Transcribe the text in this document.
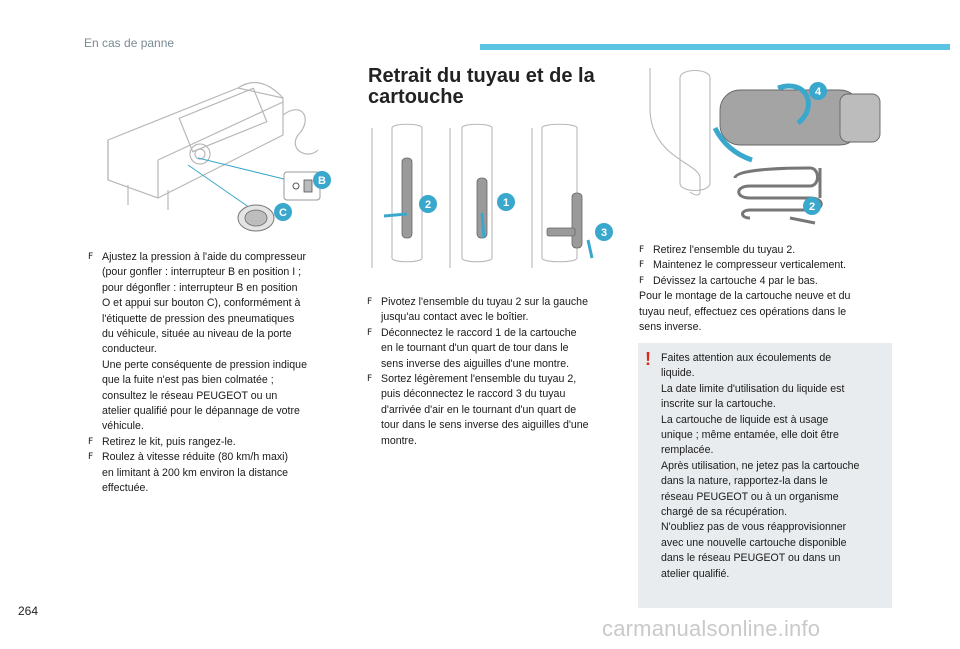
En cas de panne
B
C
F Ajustez la pression à l'aide du compresseur
(pour gonfler : interrupteur B en position I ;
pour dégonfler : interrupteur B en position
O et appui sur bouton C), conformément à
l'étiquette de pression des pneumatiques
du véhicule, située au niveau de la porte
conducteur.
Une perte conséquente de pression indique
que la fuite n'est pas bien colmatée ;
consultez le réseau PEUGEOT ou un
atelier qualifié pour le dépannage de votre
véhicule.
F Retirez le kit, puis rangez-le.
F Roulez à vitesse réduite (80 km/h maxi)
en limitant à 200 km environ la distance
effectuée.
Retrait du tuyau et de la
cartouche
2	1
3
F Pivotez l'ensemble du tuyau 2 sur la gauche
jusqu'au contact avec le boîtier.
F Déconnectez le raccord 1 de la cartouche
en le tournant d'un quart de tour dans le
sens inverse des aiguilles d'une montre.
F Sortez légèrement l'ensemble du tuyau 2,
puis déconnectez le raccord 3 du tuyau
d'arrivée d'air en le tournant d'un quart de
tour dans le sens inverse des aiguilles d'une
montre.
4
2
F Retirez l'ensemble du tuyau 2.
F Maintenez le compresseur verticalement.
F Dévissez la cartouche 4 par le bas.
Pour le montage de la cartouche neuve et du
tuyau neuf, effectuez ces opérations dans le
sens inverse.
! Faites attention aux écoulements de
liquide.
La date limite d'utilisation du liquide est
inscrite sur la cartouche.
La cartouche de liquide est à usage
unique ; même entamée, elle doit être
remplacée.
Après utilisation, ne jetez pas la cartouche
dans la nature, rapportez-la dans le
réseau PEUGEOT ou à un organisme
chargé de sa récupération.
N'oubliez pas de vous réapprovisionner
avec une nouvelle cartouche disponible
dans le réseau PEUGEOT ou dans un
atelier qualifié.
264
carmanualsonline.info
